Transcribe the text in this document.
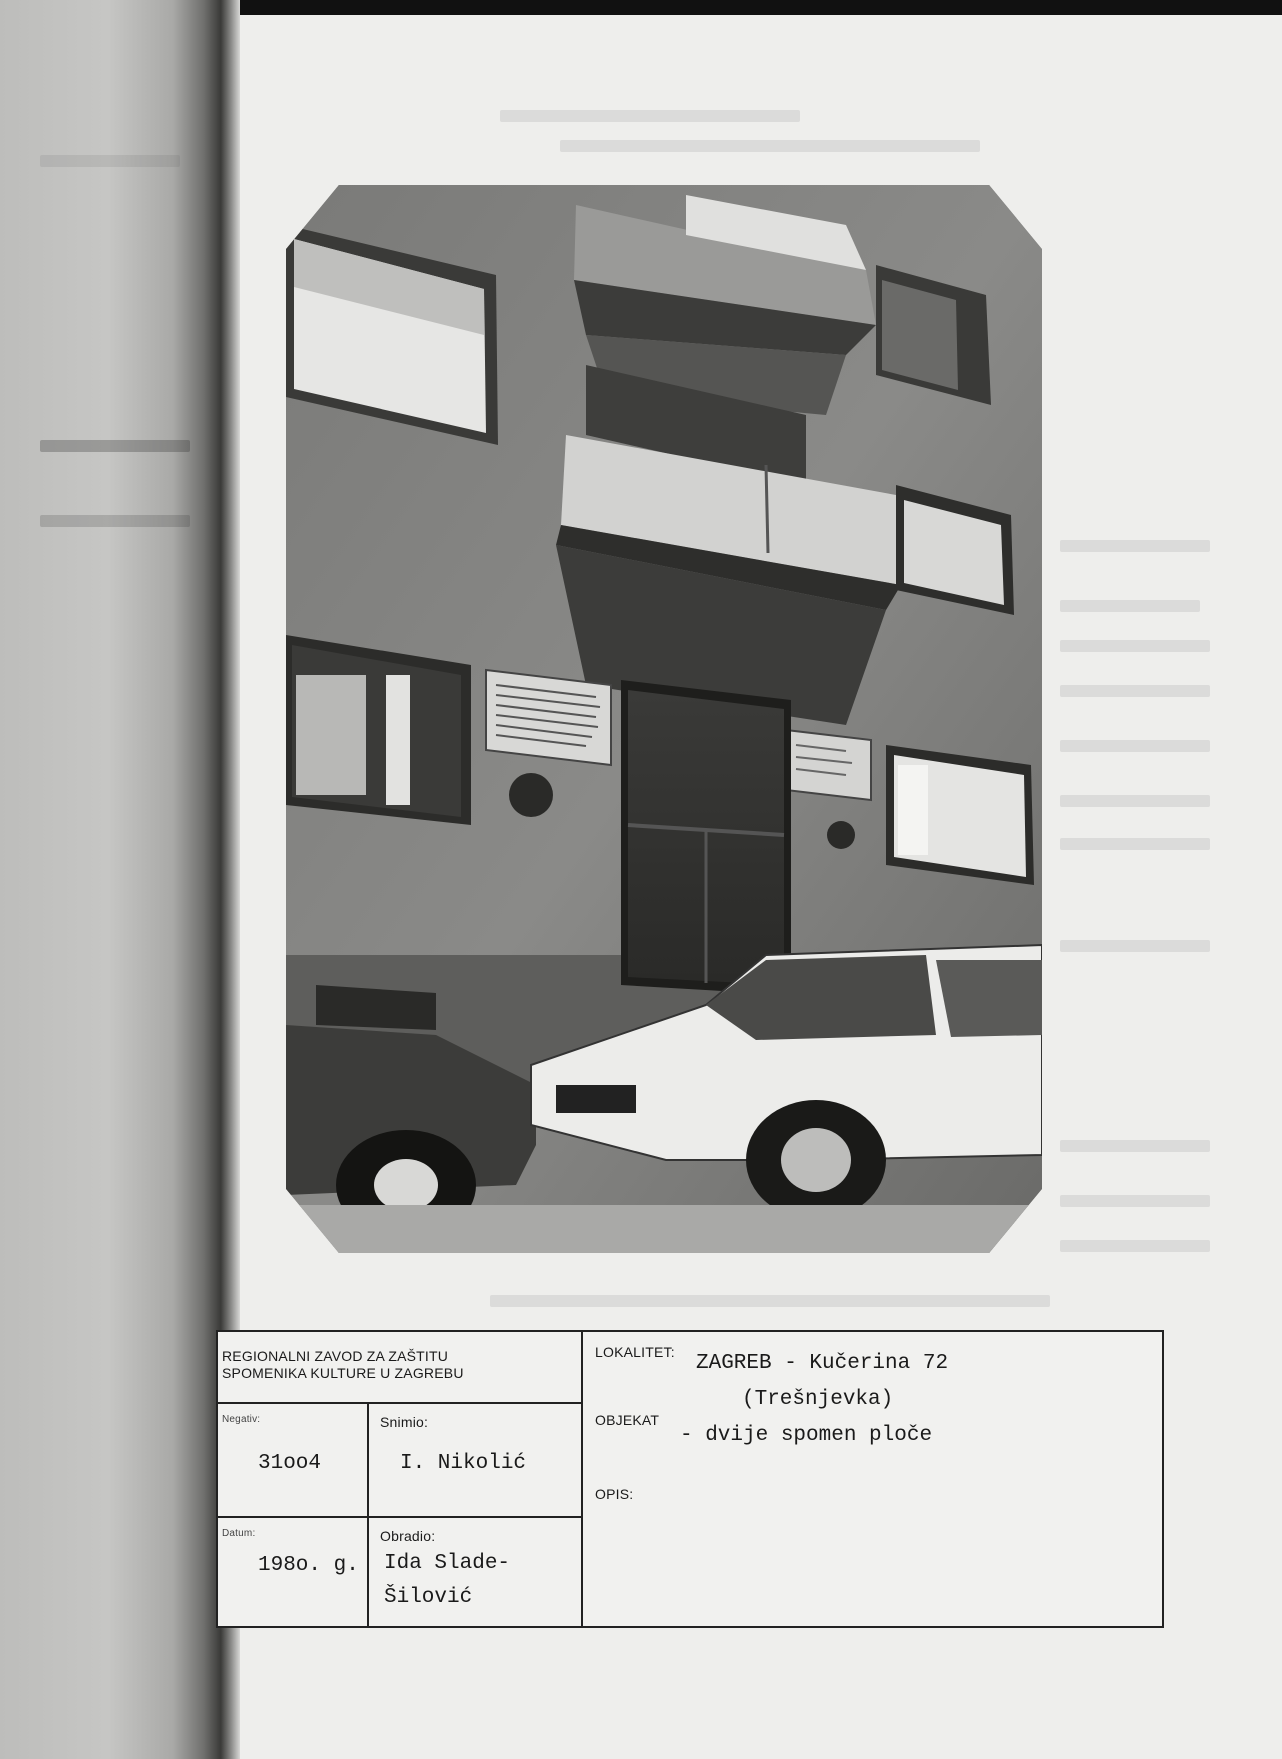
REGIONALNI ZAVOD ZA ZAŠTITU
SPOMENIKA KULTURE U ZAGREBU
Negativ:
31oo4
Snimio:
I. Nikolić
Datum:
198o. g.
Obradio:
Ida Slade-
Šilović
LOKALITET: ZAGREB - Kučerina 72
(Trešnjevka)
OBJEKAT
- dvije spomen ploče
OPIS:
